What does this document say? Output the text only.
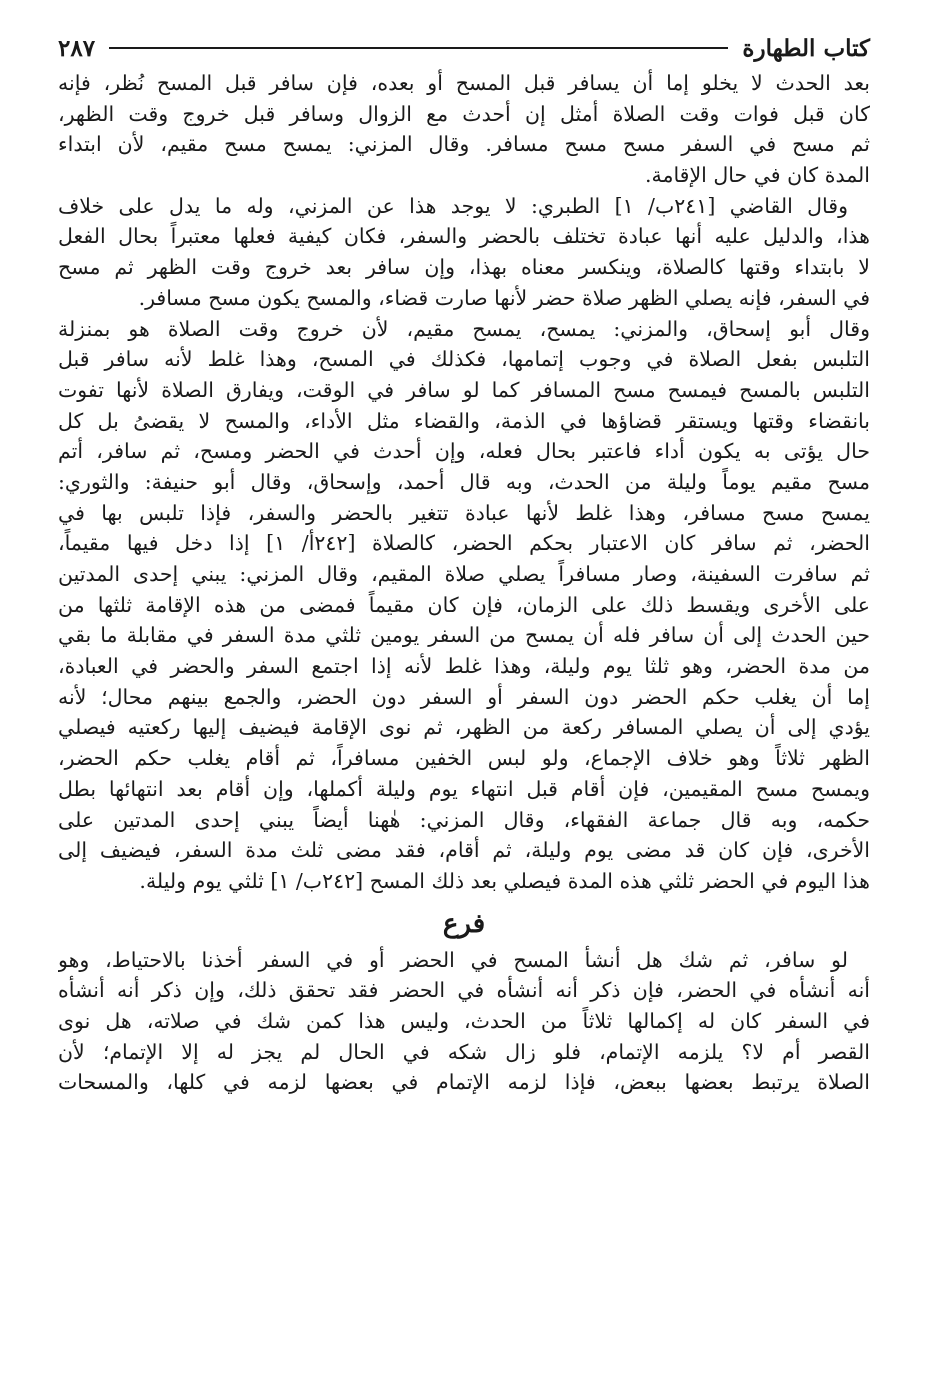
كتاب الطهارة
٢٨٧
بعد الحدث لا يخلو إما أن يسافر قبل المسح أو بعده، فإن سافر قبل المسح نُظر، فإنه
كان قبل فوات وقت الصلاة أمثل إن أحدث مع الزوال وسافر قبل خروج وقت الظهر،
ثم مسح في السفر مسح مسح مسافر. وقال المزني: يمسح مسح مقيم، لأن ابتداء
المدة كان في حال الإقامة.
وقال القاضي [٢٤١ب/ ١] الطبري: لا يوجد هذا عن المزني، وله ما يدل على خلاف
هذا، والدليل عليه أنها عبادة تختلف بالحضر والسفر، فكان كيفية فعلها معتبراً بحال الفعل
لا بابتداء وقتها كالصلاة، وينكسر معناه بهذا، وإن سافر بعد خروج وقت الظهر ثم مسح
في السفر، فإنه يصلي الظهر صلاة حضر لأنها صارت قضاء، والمسح يكون مسح مسافر.
وقال أبو إسحاق، والمزني: يمسح، يمسح مقيم، لأن خروج وقت الصلاة هو بمنزلة
التلبس بفعل الصلاة في وجوب إتمامها، فكذلك في المسح، وهذا غلط لأنه سافر قبل
التلبس بالمسح فيمسح مسح المسافر كما لو سافر في الوقت، ويفارق الصلاة لأنها تفوت
بانقضاء وقتها ويستقر قضاؤها في الذمة، والقضاء مثل الأداء، والمسح لا يقضىُ بل كل
حال يؤتى به يكون أداء فاعتبر بحال فعله، وإن أحدث في الحضر ومسح، ثم سافر، أتم
مسح مقيم يوماً وليلة من الحدث، وبه قال أحمد، وإسحاق، وقال أبو حنيفة: والثوري:
يمسح مسح مسافر، وهذا غلط لأنها عبادة تتغير بالحضر والسفر، فإذا تلبس بها في
الحضر، ثم سافر كان الاعتبار بحكم الحضر، كالصلاة [٢٤٢أ/ ١] إذا دخل فيها مقيماً،
ثم سافرت السفينة، وصار مسافراً يصلي صلاة المقيم، وقال المزني: يبني إحدى المدتين
على الأخرى ويقسط ذلك على الزمان، فإن كان مقيماً فمضى من هذه الإقامة ثلثها من
حين الحدث إلى أن سافر فله أن يمسح من السفر يومين ثلثي مدة السفر في مقابلة ما بقي
من مدة الحضر، وهو ثلثا يوم وليلة، وهذا غلط لأنه إذا اجتمع السفر والحضر في العبادة،
إما أن يغلب حكم الحضر دون السفر أو السفر دون الحضر، والجمع بينهم محال؛ لأنه
يؤدي إلى أن يصلي المسافر ركعة من الظهر، ثم نوى الإقامة فيضيف إليها ركعتيه فيصلي
الظهر ثلاثاً وهو خلاف الإجماع، ولو لبس الخفين مسافراً، ثم أقام يغلب حكم الحضر،
ويمسح مسح المقيمين، فإن أقام قبل انتهاء يوم وليلة أكملها، وإن أقام بعد انتهائها بطل
حكمه، وبه قال جماعة الفقهاء، وقال المزني: هٰهنا أيضاً يبني إحدى المدتين على
الأخرى، فإن كان قد مضى يوم وليلة، ثم أقام، فقد مضى ثلث مدة السفر، فيضيف إلى
هذا اليوم في الحضر ثلثي هذه المدة فيصلي بعد ذلك المسح [٢٤٢ب/ ١] ثلثي يوم وليلة.
فرع
لو سافر، ثم شك هل أنشأ المسح في الحضر أو في السفر أخذنا بالاحتياط، وهو
أنه أنشأه في الحضر، فإن ذكر أنه أنشأه في الحضر فقد تحقق ذلك، وإن ذكر أنه أنشأه
في السفر كان له إكمالها ثلاثاً من الحدث، وليس هذا كمن شك في صلاته، هل نوى
القصر أم لا؟ يلزمه الإتمام، فلو زال شكه في الحال لم يجز له إلا الإتمام؛ لأن
الصلاة يرتبط بعضها ببعض، فإذا لزمه الإتمام في بعضها لزمه في كلها، والمسحات
